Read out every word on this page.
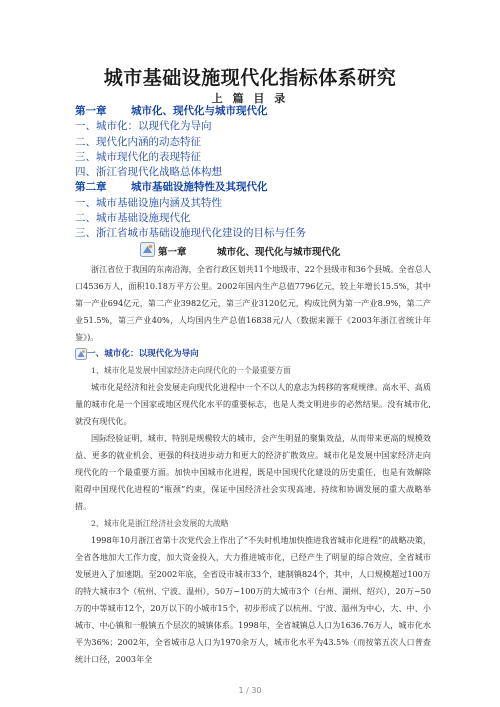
城市基础设施现代化指标体系研究
上 篇 目 录
第一章 城市化、现代化与城市现代化
一、城市化：以现代化为导向
二、现代化内涵的动态特征
三、城市现代化的表现特征
四、浙江省现代化战略总体构想
第二章 城市基础设施特性及其现代化
一、城市基础设施内涵及其特性
二、城市基础设施现代化
三、浙江省城市基础设施现代化建设的目标与任务
第一章	城市化、现代化与城市现代化

浙江省位于我国的东南沿海，全省行政区划共11个地级市、22个县级市和36个县城。全省总人口4536万人，面积10.18万平方公里。2002年国内生产总值7796亿元，较上年增长15.5%，其中第一产业694亿元，第二产业3982亿元，第三产业3120亿元，构成比例为第一产业8.9%，第二产业51.5%，第三产业40%，人均国内生产总值16838元/人（数据来源于《2003年浙江省统计年鉴》)。

一、城市化：以现代化为导向

1、城市化是发展中国家经济走向现代化的一个最重要方面

城市化是经济和社会发展走向现代化进程中一个不以人的意志为转移的客观规律。高水平、高质量的城市化是一个国家或地区现代化水平的重要标志，也是人类文明进步的必然结果。没有城市化,就没有现代化。

国际经验证明，城市、特别是规模较大的城市，会产生明显的聚集效益，从而带来更高的规模效益、更多的就业机会、更强的科技进步动力和更大的经济扩散效应。城市化是发展中国家经济走向现代化的一个最重要方面。加快中国城市化进程，既是中国现代化建设的历史重任，也是有效解除阻碍中国现代化进程的“瓶颈”约束，保证中国经济社会实现高速、持续和协调发展的重大战略举措。

2、城市化是浙江经济社会发展的大战略

1998年10月浙江省第十次党代会上作出了“不失时机地加快推进我省城市化进程”的战略决策，全省各地加大工作力度，加大资金投入，大力推进城市化，已经产生了明显的综合效应，全省城市发展进入了加速期。至2002年底，全省设市城市33个，建制镇824个，其中，人口规模超过100万的特大城市3个（杭州、宁波、温州），50万~100万的大城市3个（台州、湖州、绍兴），20万~50万的中等城市12个，20万以下的小城市15个，初步形成了以杭州、宁波、温州为中心，大、中、小城市、中心镇和一般镇五个层次的城镇体系。1998年，全省城镇总人口为1636.76万人，城市化水平为36%；2002年，全省城市总人口为1970余万人，城市化水平为43.5%（而按第五次人口普查统计口径，2003年全

1 / 30
